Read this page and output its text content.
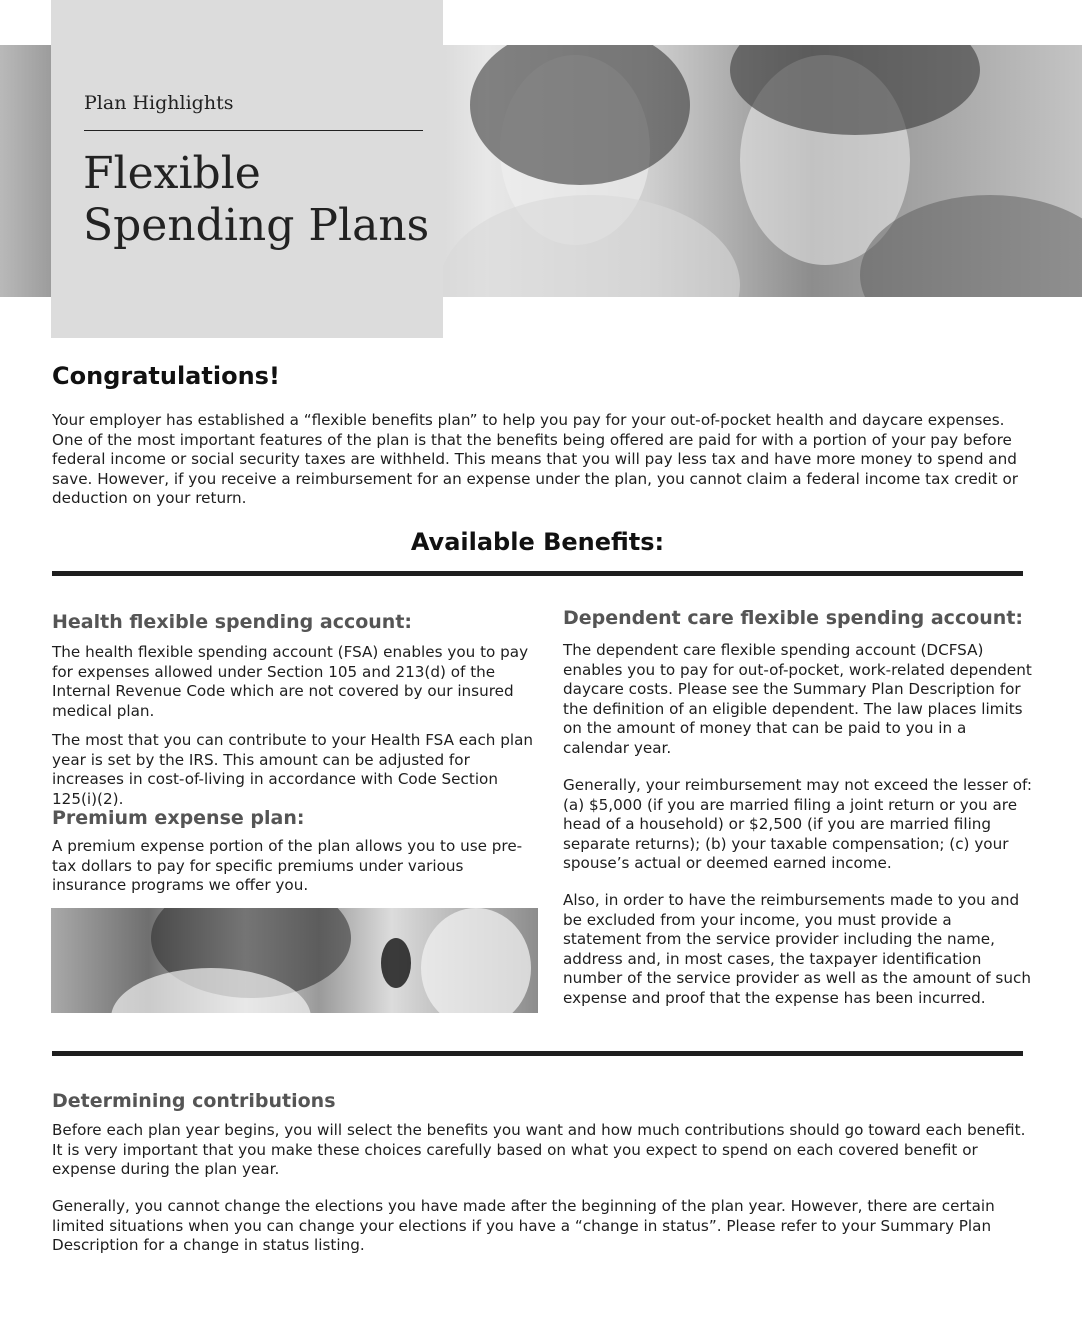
Plan Highlights

Flexible
Spending Plans
Congratulations!

Your employer has established a “flexible benefits plan” to help you pay for your out-of-pocket health and daycare expenses. One of the most important features of the plan is that the benefits being offered are paid for with a portion of your pay before federal income or social security taxes are withheld. This means that you will pay less tax and have more money to spend and save. However, if you receive a reimbursement for an expense under the plan, you cannot claim a federal income tax credit or deduction on your return.

Available Benefits:
Health flexible spending account:

The health flexible spending account (FSA) enables you to pay for expenses allowed under Section 105 and 213(d) of the Internal Revenue Code which are not covered by our insured medical plan.

The most that you can contribute to your Health FSA each plan year is set by the IRS. This amount can be adjusted for increases in cost-of-living in accordance with Code Section 125(i)(2).

Premium expense plan:

A premium expense portion of the plan allows you to use pre-tax dollars to pay for specific premiums under various insurance programs we offer you.

Dependent care flexible spending account:

The dependent care flexible spending account (DCFSA) enables you to pay for out-of-pocket, work-related dependent daycare costs. Please see the Summary Plan Description for the definition of an eligible dependent. The law places limits on the amount of money that can be paid to you in a calendar year.

Generally, your reimbursement may not exceed the lesser of: (a) $5,000 (if you are married filing a joint return or you are head of a household) or $2,500 (if you are married filing separate returns); (b) your taxable compensation; (c) your spouse’s actual or deemed earned income.

Also, in order to have the reimbursements made to you and be excluded from your income, you must provide a statement from the service provider including the name, address and, in most cases, the taxpayer identification number of the service provider as well as the amount of such expense and proof that the expense has been incurred.

Determining contributions

Before each plan year begins, you will select the benefits you want and how much contributions should go toward each benefit. It is very important that you make these choices carefully based on what you expect to spend on each covered benefit or expense during the plan year.

Generally, you cannot change the elections you have made after the beginning of the plan year. However, there are certain limited situations when you can change your elections if you have a “change in status”. Please refer to your Summary Plan Description for a change in status listing.
